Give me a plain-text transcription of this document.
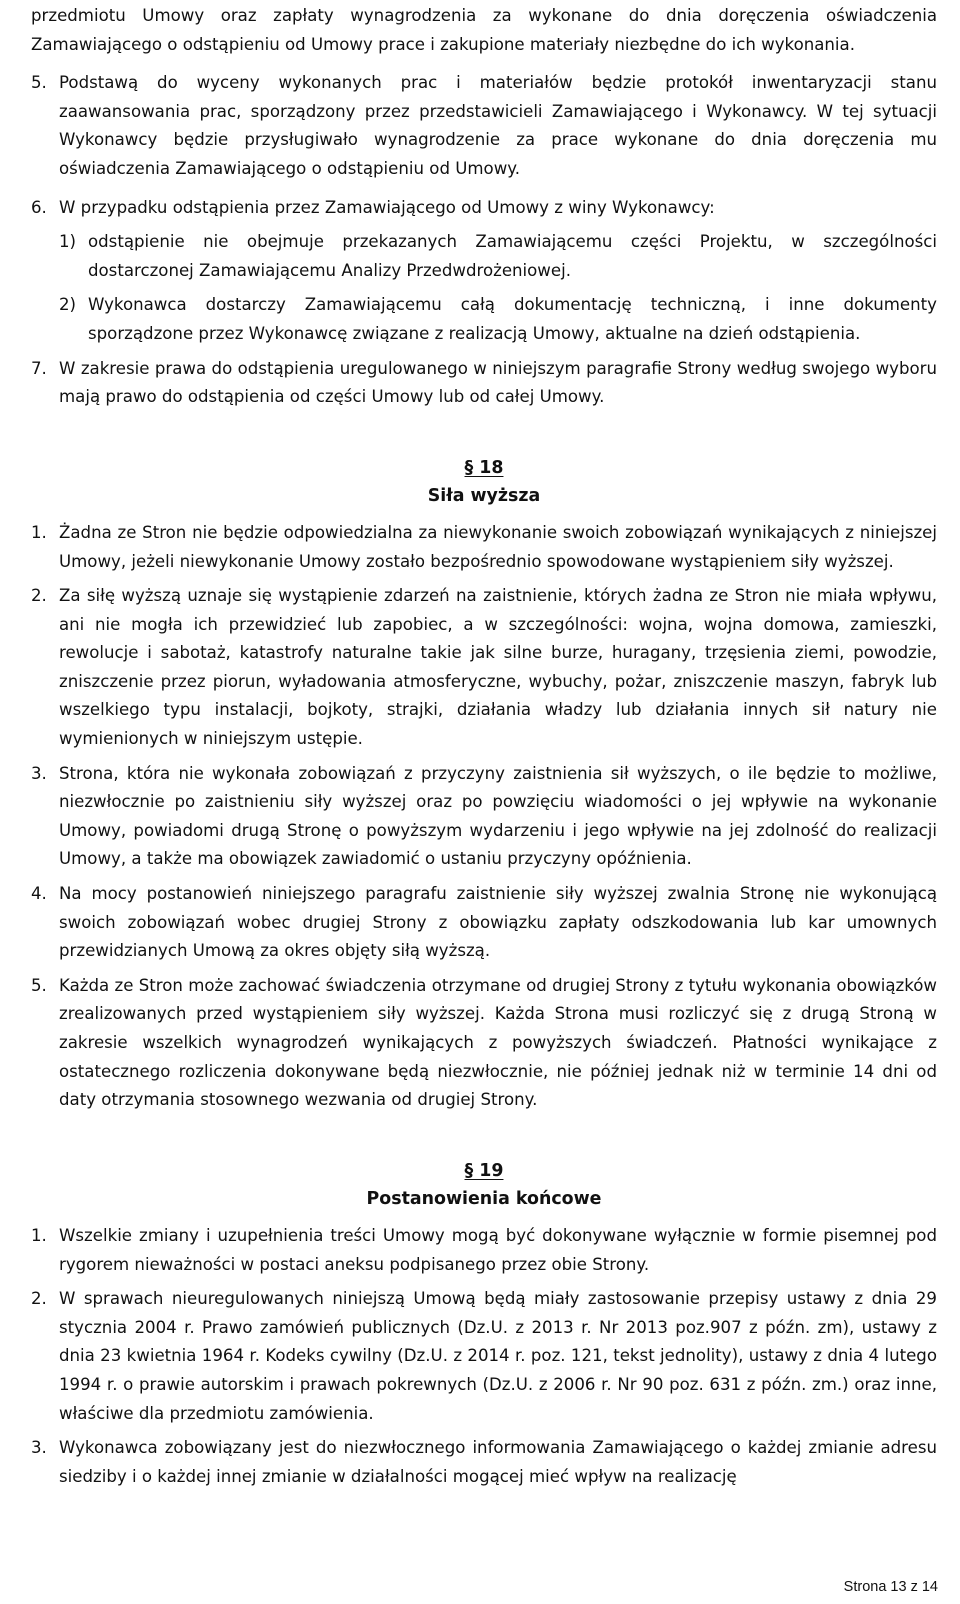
przedmiotu Umowy oraz zapłaty wynagrodzenia za wykonane do dnia doręczenia oświadczenia Zamawiającego o odstąpieniu od Umowy prace i zakupione materiały niezbędne do ich wykonania.

5. Podstawą do wyceny wykonanych prac i materiałów będzie protokół inwentaryzacji stanu zaawansowania prac, sporządzony przez przedstawicieli Zamawiającego i Wykonawcy. W tej sytuacji Wykonawcy będzie przysługiwało wynagrodzenie za prace wykonane do dnia doręczenia mu oświadczenia Zamawiającego o odstąpieniu od Umowy.
6. W przypadku odstąpienia przez Zamawiającego od Umowy z winy Wykonawcy:
1) odstąpienie nie obejmuje przekazanych Zamawiającemu części Projektu, w szczególności dostarczonej Zamawiającemu Analizy Przedwdrożeniowej.
2) Wykonawca dostarczy Zamawiającemu całą dokumentację techniczną, i inne dokumenty sporządzone przez Wykonawcę związane z realizacją Umowy, aktualne na dzień odstąpienia.
7. W zakresie prawa do odstąpienia uregulowanego w niniejszym paragrafie Strony według swojego wyboru mają prawo do odstąpienia od części Umowy lub od całej Umowy.
§ 18
Siła wyższa
1. Żadna ze Stron nie będzie odpowiedzialna za niewykonanie swoich zobowiązań wynikających z niniejszej Umowy, jeżeli niewykonanie Umowy zostało bezpośrednio spowodowane wystąpieniem siły wyższej.
2. Za siłę wyższą uznaje się wystąpienie zdarzeń na zaistnienie, których żadna ze Stron nie miała wpływu, ani nie mogła ich przewidzieć lub zapobiec, a w szczególności: wojna, wojna domowa, zamieszki, rewolucje i sabotaż, katastrofy naturalne takie jak silne burze, huragany, trzęsienia ziemi, powodzie, zniszczenie przez piorun, wyładowania atmosferyczne, wybuchy, pożar, zniszczenie maszyn, fabryk lub wszelkiego typu instalacji, bojkoty, strajki, działania władzy lub działania innych sił natury nie wymienionych w niniejszym ustępie.
3. Strona, która nie wykonała zobowiązań z przyczyny zaistnienia sił wyższych, o ile będzie to możliwe, niezwłocznie po zaistnieniu siły wyższej oraz po powzięciu wiadomości o jej wpływie na wykonanie Umowy, powiadomi drugą Stronę o powyższym wydarzeniu i jego wpływie na jej zdolność do realizacji Umowy, a także ma obowiązek zawiadomić o ustaniu przyczyny opóźnienia.
4. Na mocy postanowień niniejszego paragrafu zaistnienie siły wyższej zwalnia Stronę nie wykonującą swoich zobowiązań wobec drugiej Strony z obowiązku zapłaty odszkodowania lub kar umownych przewidzianych Umową za okres objęty siłą wyższą.
5. Każda ze Stron może zachować świadczenia otrzymane od drugiej Strony z tytułu wykonania obowiązków zrealizowanych przed wystąpieniem siły wyższej. Każda Strona musi rozliczyć się z drugą Stroną w zakresie wszelkich wynagrodzeń wynikających z powyższych świadczeń. Płatności wynikające z ostatecznego rozliczenia dokonywane będą niezwłocznie, nie później jednak niż w terminie 14 dni od daty otrzymania stosownego wezwania od drugiej Strony.
§ 19
Postanowienia końcowe
1. Wszelkie zmiany i uzupełnienia treści Umowy mogą być dokonywane wyłącznie w formie pisemnej pod rygorem nieważności w postaci aneksu podpisanego przez obie Strony.
2. W sprawach nieuregulowanych niniejszą Umową będą miały zastosowanie przepisy ustawy z dnia 29 stycznia 2004 r. Prawo zamówień publicznych (Dz.U. z 2013 r. Nr 2013 poz.907 z późn. zm), ustawy z dnia 23 kwietnia 1964 r. Kodeks cywilny (Dz.U. z 2014 r. poz. 121, tekst jednolity), ustawy z dnia 4 lutego 1994 r. o prawie autorskim i prawach pokrewnych (Dz.U. z 2006 r. Nr 90 poz. 631 z późn. zm.) oraz inne, właściwe dla przedmiotu zamówienia.
3. Wykonawca zobowiązany jest do niezwłocznego informowania Zamawiającego o każdej zmianie adresu siedziby i o każdej innej zmianie w działalności mogącej mieć wpływ na realizację
Strona 13 z 14
